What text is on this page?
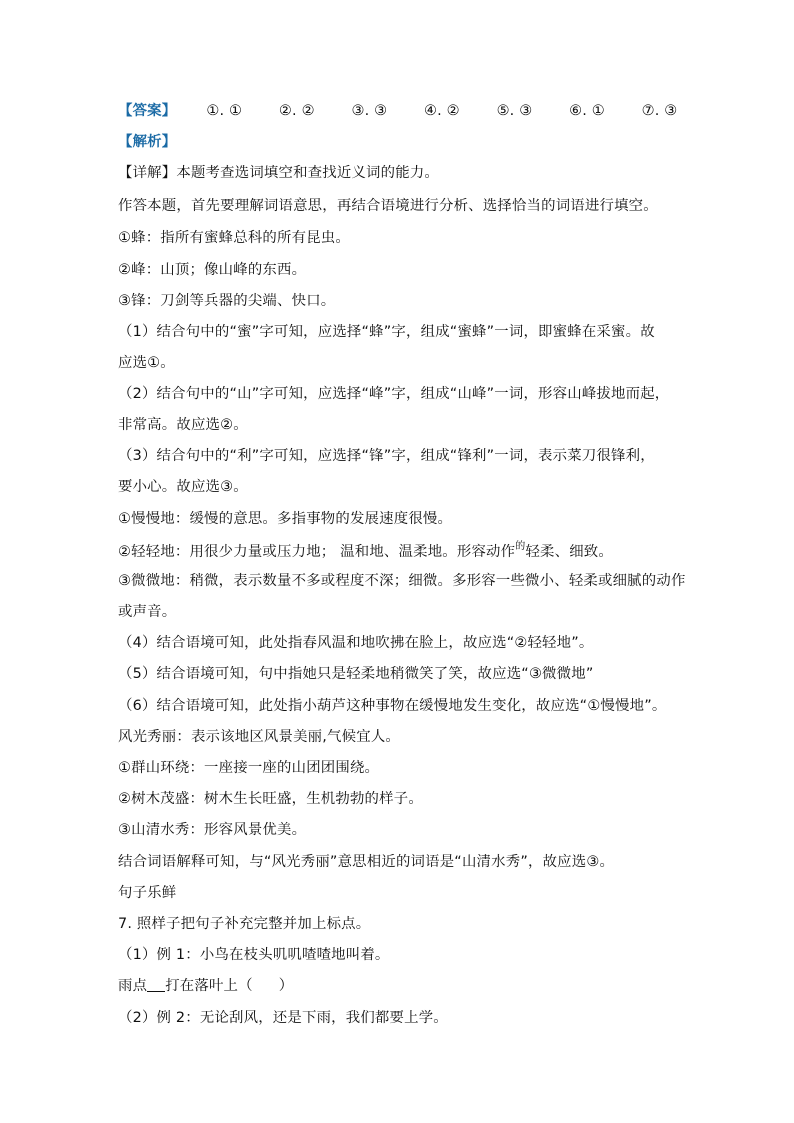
【答案】 ①. ①	②. ②	③. ③	④. ②	⑤. ③	⑥. ①	⑦. ③
【解析】
【详解】本题考查选词填空和查找近义词的能力。
作答本题，首先要理解词语意思，再结合语境进行分析、选择恰当的词语进行填空。
①蜂：指所有蜜蜂总科的所有昆虫。
②峰：山顶；像山峰的东西。
③锋：刀剑等兵器的尖端、快口。
（1）结合句中的“蜜”字可知，应选择“蜂”字，组成“蜜蜂”一词，即蜜蜂在采蜜。故
应选①。
（2）结合句中的“山”字可知，应选择“峰”字，组成“山峰”一词，形容山峰拔地而起，
非常高。故应选②。
（3）结合句中的“利”字可知，应选择“锋”字，组成“锋利”一词，表示菜刀很锋利，
要小心。故应选③。
①慢慢地：缓慢的意思。多指事物的发展速度很慢。
②轻轻地：用很少力量或压力地； 温和地、温柔地。形容动作$^的$轻柔、细致。
③微微地：稍微，表示数量不多或程度不深；细微。多形容一些微小、轻柔或细腻的动作
或声音。
（4）结合语境可知，此处指春风温和地吹拂在脸上，故应选“②轻轻地”。
（5）结合语境可知，句中指她只是轻柔地稍微笑了笑，故应选“③微微地”
（6）结合语境可知，此处指小葫芦这种事物在缓慢地发生变化，故应选“①慢慢地”。
风光秀丽：表示该地区风景美丽,气候宜人。
①群山环绕：一座接一座的山团团围绕。
②树木茂盛：树木生长旺盛，生机勃勃的样子。
③山清水秀：形容风景优美。
结合词语解释可知，与“风光秀丽”意思相近的词语是“山清水秀”，故应选③。
句子乐鲜
7. 照样子把句子补充完整并加上标点。
（1）例 1：小鸟在枝头叽叽喳喳地叫着。
雨点 打在落叶上（ ）
（2）例 2：无论刮风，还是下雨，我们都要上学。
